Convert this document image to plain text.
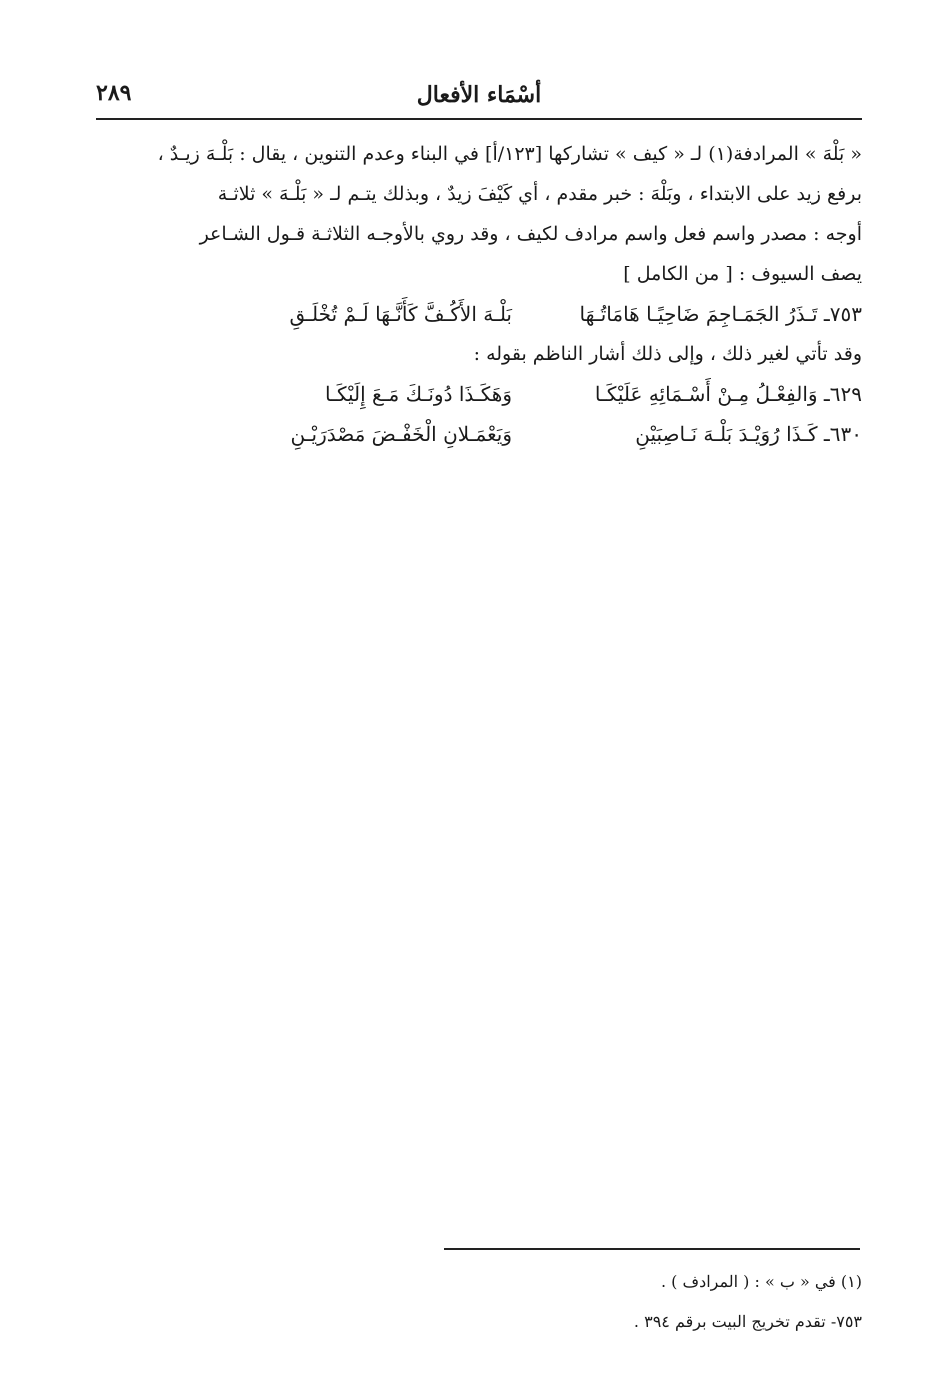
أسْمَاء الأفعال
٢٨٩

« بَلْهَ » المرادفة(١) لـ « كيف » تشاركها [١٢٣/أ] في البناء وعدم التنوين ، يقال : بَلْـهَ زيـدٌ ،

برفع زيد على الابتداء ، وبَلْهَ : خبر مقدم ، أي كَيْفَ زيدٌ ، وبذلك يتـم لـ « بَلْـهَ » ثلاثـة

أوجه : مصدر واسم فعل واسم مرادف لكيف ، وقد روي بالأوجـه الثلاثـة قـول الشـاعر

يصف السيوف : [ من الكامل ]

٧٥٣ـ تَـذَرُ الجَمَـاجِمَ ضَاحِيًـا هَامَاتُـهَا
بَلْـهَ الأَكُـفَّ كَأَنَّـهَا لَـمْ تُخْلَـقِ

وقد تأتي لغير ذلك ، وإلى ذلك أشار الناظم بقوله :

٦٢٩ـ وَالفِعْـلُ مِـنْ أَسْـمَائِهِ عَلَيْكَـا
وَهَكَـذَا دُونَـكَ مَـعَ إِلَيْكَـا
٦٣٠ـ كَـذَا رُوَيْـدَ بَلْـهَ نَـاصِبَيْنِ
وَيَعْمَـلانِ الْخَفْـضَ مَصْدَرَيْـنِ

(١) في « ب » : ( المرادف ) .

٧٥٣- تقدم تخريج البيت برقم ٣٩٤ .
